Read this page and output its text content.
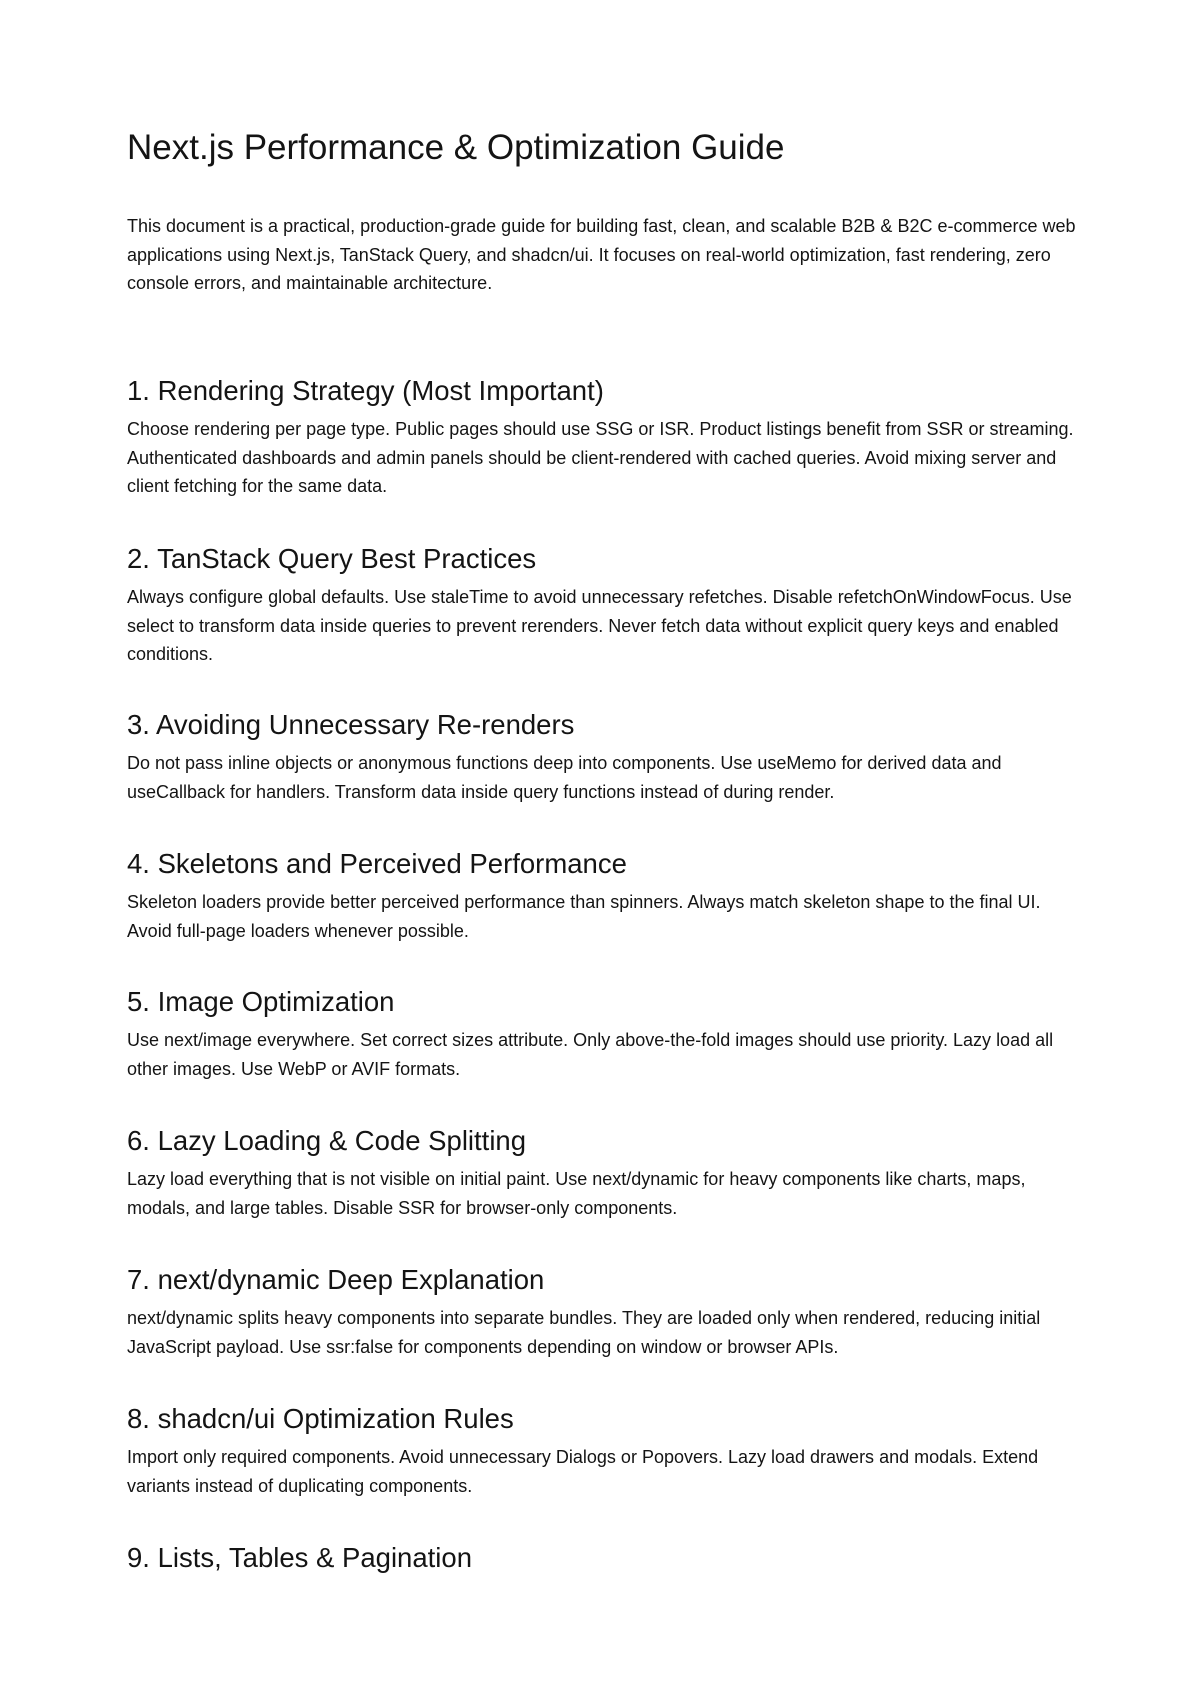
Next.js Performance & Optimization Guide

This document is a practical, production-grade guide for building fast, clean, and scalable B2B & B2C e-commerce web applications using Next.js, TanStack Query, and shadcn/ui. It focuses on real-world optimization, fast rendering, zero console errors, and maintainable architecture.

1. Rendering Strategy (Most Important)

Choose rendering per page type. Public pages should use SSG or ISR. Product listings benefit from SSR or streaming. Authenticated dashboards and admin panels should be client-rendered with cached queries. Avoid mixing server and client fetching for the same data.

2. TanStack Query Best Practices

Always configure global defaults. Use staleTime to avoid unnecessary refetches. Disable refetchOnWindowFocus. Use select to transform data inside queries to prevent rerenders. Never fetch data without explicit query keys and enabled conditions.

3. Avoiding Unnecessary Re-renders

Do not pass inline objects or anonymous functions deep into components. Use useMemo for derived data and useCallback for handlers. Transform data inside query functions instead of during render.

4. Skeletons and Perceived Performance

Skeleton loaders provide better perceived performance than spinners. Always match skeleton shape to the final UI. Avoid full-page loaders whenever possible.

5. Image Optimization

Use next/image everywhere. Set correct sizes attribute. Only above-the-fold images should use priority. Lazy load all other images. Use WebP or AVIF formats.

6. Lazy Loading & Code Splitting

Lazy load everything that is not visible on initial paint. Use next/dynamic for heavy components like charts, maps, modals, and large tables. Disable SSR for browser-only components.

7. next/dynamic Deep Explanation

next/dynamic splits heavy components into separate bundles. They are loaded only when rendered, reducing initial JavaScript payload. Use ssr:false for components depending on window or browser APIs.

8. shadcn/ui Optimization Rules

Import only required components. Avoid unnecessary Dialogs or Popovers. Lazy load drawers and modals. Extend variants instead of duplicating components.

9. Lists, Tables & Pagination
